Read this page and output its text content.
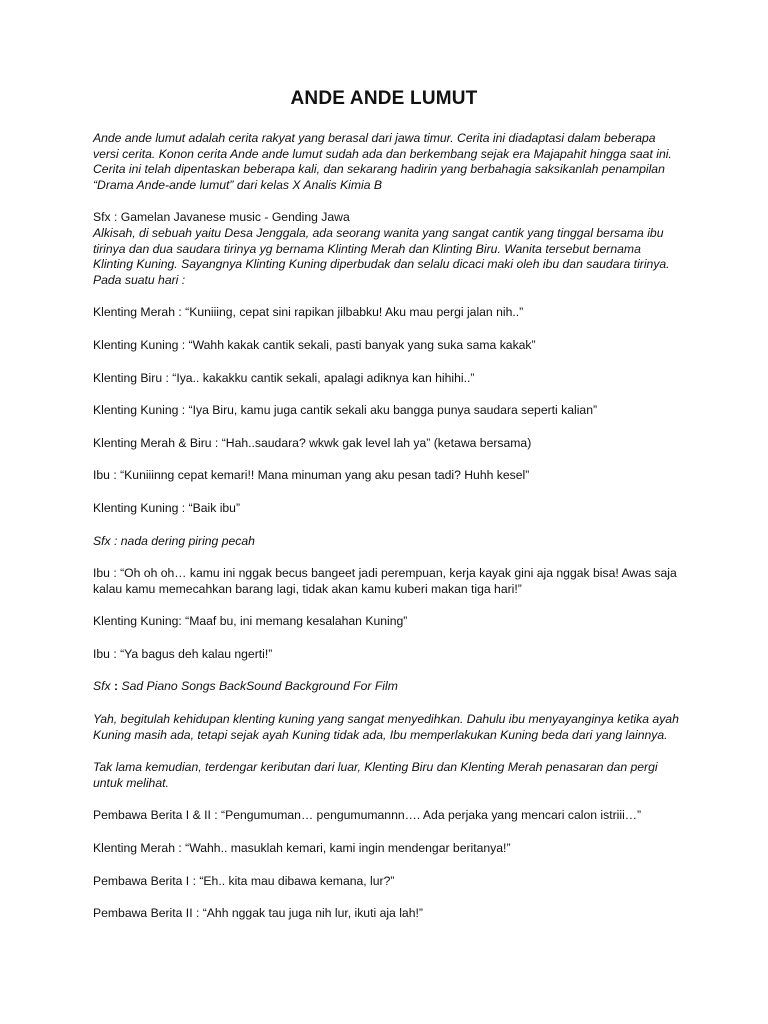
ANDE ANDE LUMUT

Ande ande lumut adalah cerita rakyat yang berasal dari jawa timur. Cerita ini diadaptasi dalam beberapa versi cerita. Konon cerita Ande ande lumut sudah ada dan berkembang sejak era Majapahit hingga saat ini. Cerita ini telah dipentaskan beberapa kali, dan sekarang hadirin yang berbahagia saksikanlah penampilan “Drama Ande-ande lumut” dari kelas X Analis Kimia B

Sfx : Gamelan Javanese music - Gending Jawa

Alkisah, di sebuah yaitu Desa Jenggala, ada seorang wanita yang sangat cantik yang tinggal bersama ibu tirinya dan dua saudara tirinya yg bernama Klinting Merah dan Klinting Biru. Wanita tersebut bernama Klinting Kuning. Sayangnya Klinting Kuning diperbudak dan selalu dicaci maki oleh ibu dan saudara tirinya. Pada suatu hari :

Klenting Merah : “Kuniiing, cepat sini rapikan jilbabku! Aku mau pergi jalan nih..”

Klenting Kuning : “Wahh kakak cantik sekali, pasti banyak yang suka sama kakak”

Klenting Biru : “Iya.. kakakku cantik sekali, apalagi adiknya kan hihihi..”

Klenting Kuning : “Iya Biru, kamu juga cantik sekali aku bangga punya saudara seperti kalian”

Klenting Merah & Biru : “Hah..saudara? wkwk gak level lah ya” (ketawa bersama)

Ibu : “Kuniiinng cepat kemari!! Mana minuman yang aku pesan tadi? Huhh kesel”

Klenting Kuning : “Baik ibu”

Sfx : nada dering piring pecah

Ibu : “Oh oh oh… kamu ini nggak becus bangeet jadi perempuan, kerja kayak gini aja nggak bisa! Awas saja kalau kamu memecahkan barang lagi, tidak akan kamu kuberi makan tiga hari!”

Klenting Kuning: “Maaf bu, ini memang kesalahan Kuning”

Ibu : “Ya bagus deh kalau ngerti!”

Sfx : Sad Piano Songs BackSound Background For Film

Yah, begitulah kehidupan klenting kuning yang sangat menyedihkan. Dahulu ibu menyayanginya ketika ayah Kuning masih ada, tetapi sejak ayah Kuning tidak ada, Ibu memperlakukan Kuning beda dari yang lainnya.

Tak lama kemudian, terdengar keributan dari luar, Klenting Biru dan Klenting Merah penasaran dan pergi untuk melihat.

Pembawa Berita I & II : “Pengumuman… pengumumannn…. Ada perjaka yang mencari calon istriii…”

Klenting Merah : “Wahh.. masuklah kemari, kami ingin mendengar beritanya!”

Pembawa Berita I : “Eh.. kita mau dibawa kemana, lur?”

Pembawa Berita II : “Ahh nggak tau juga nih lur, ikuti aja lah!”
